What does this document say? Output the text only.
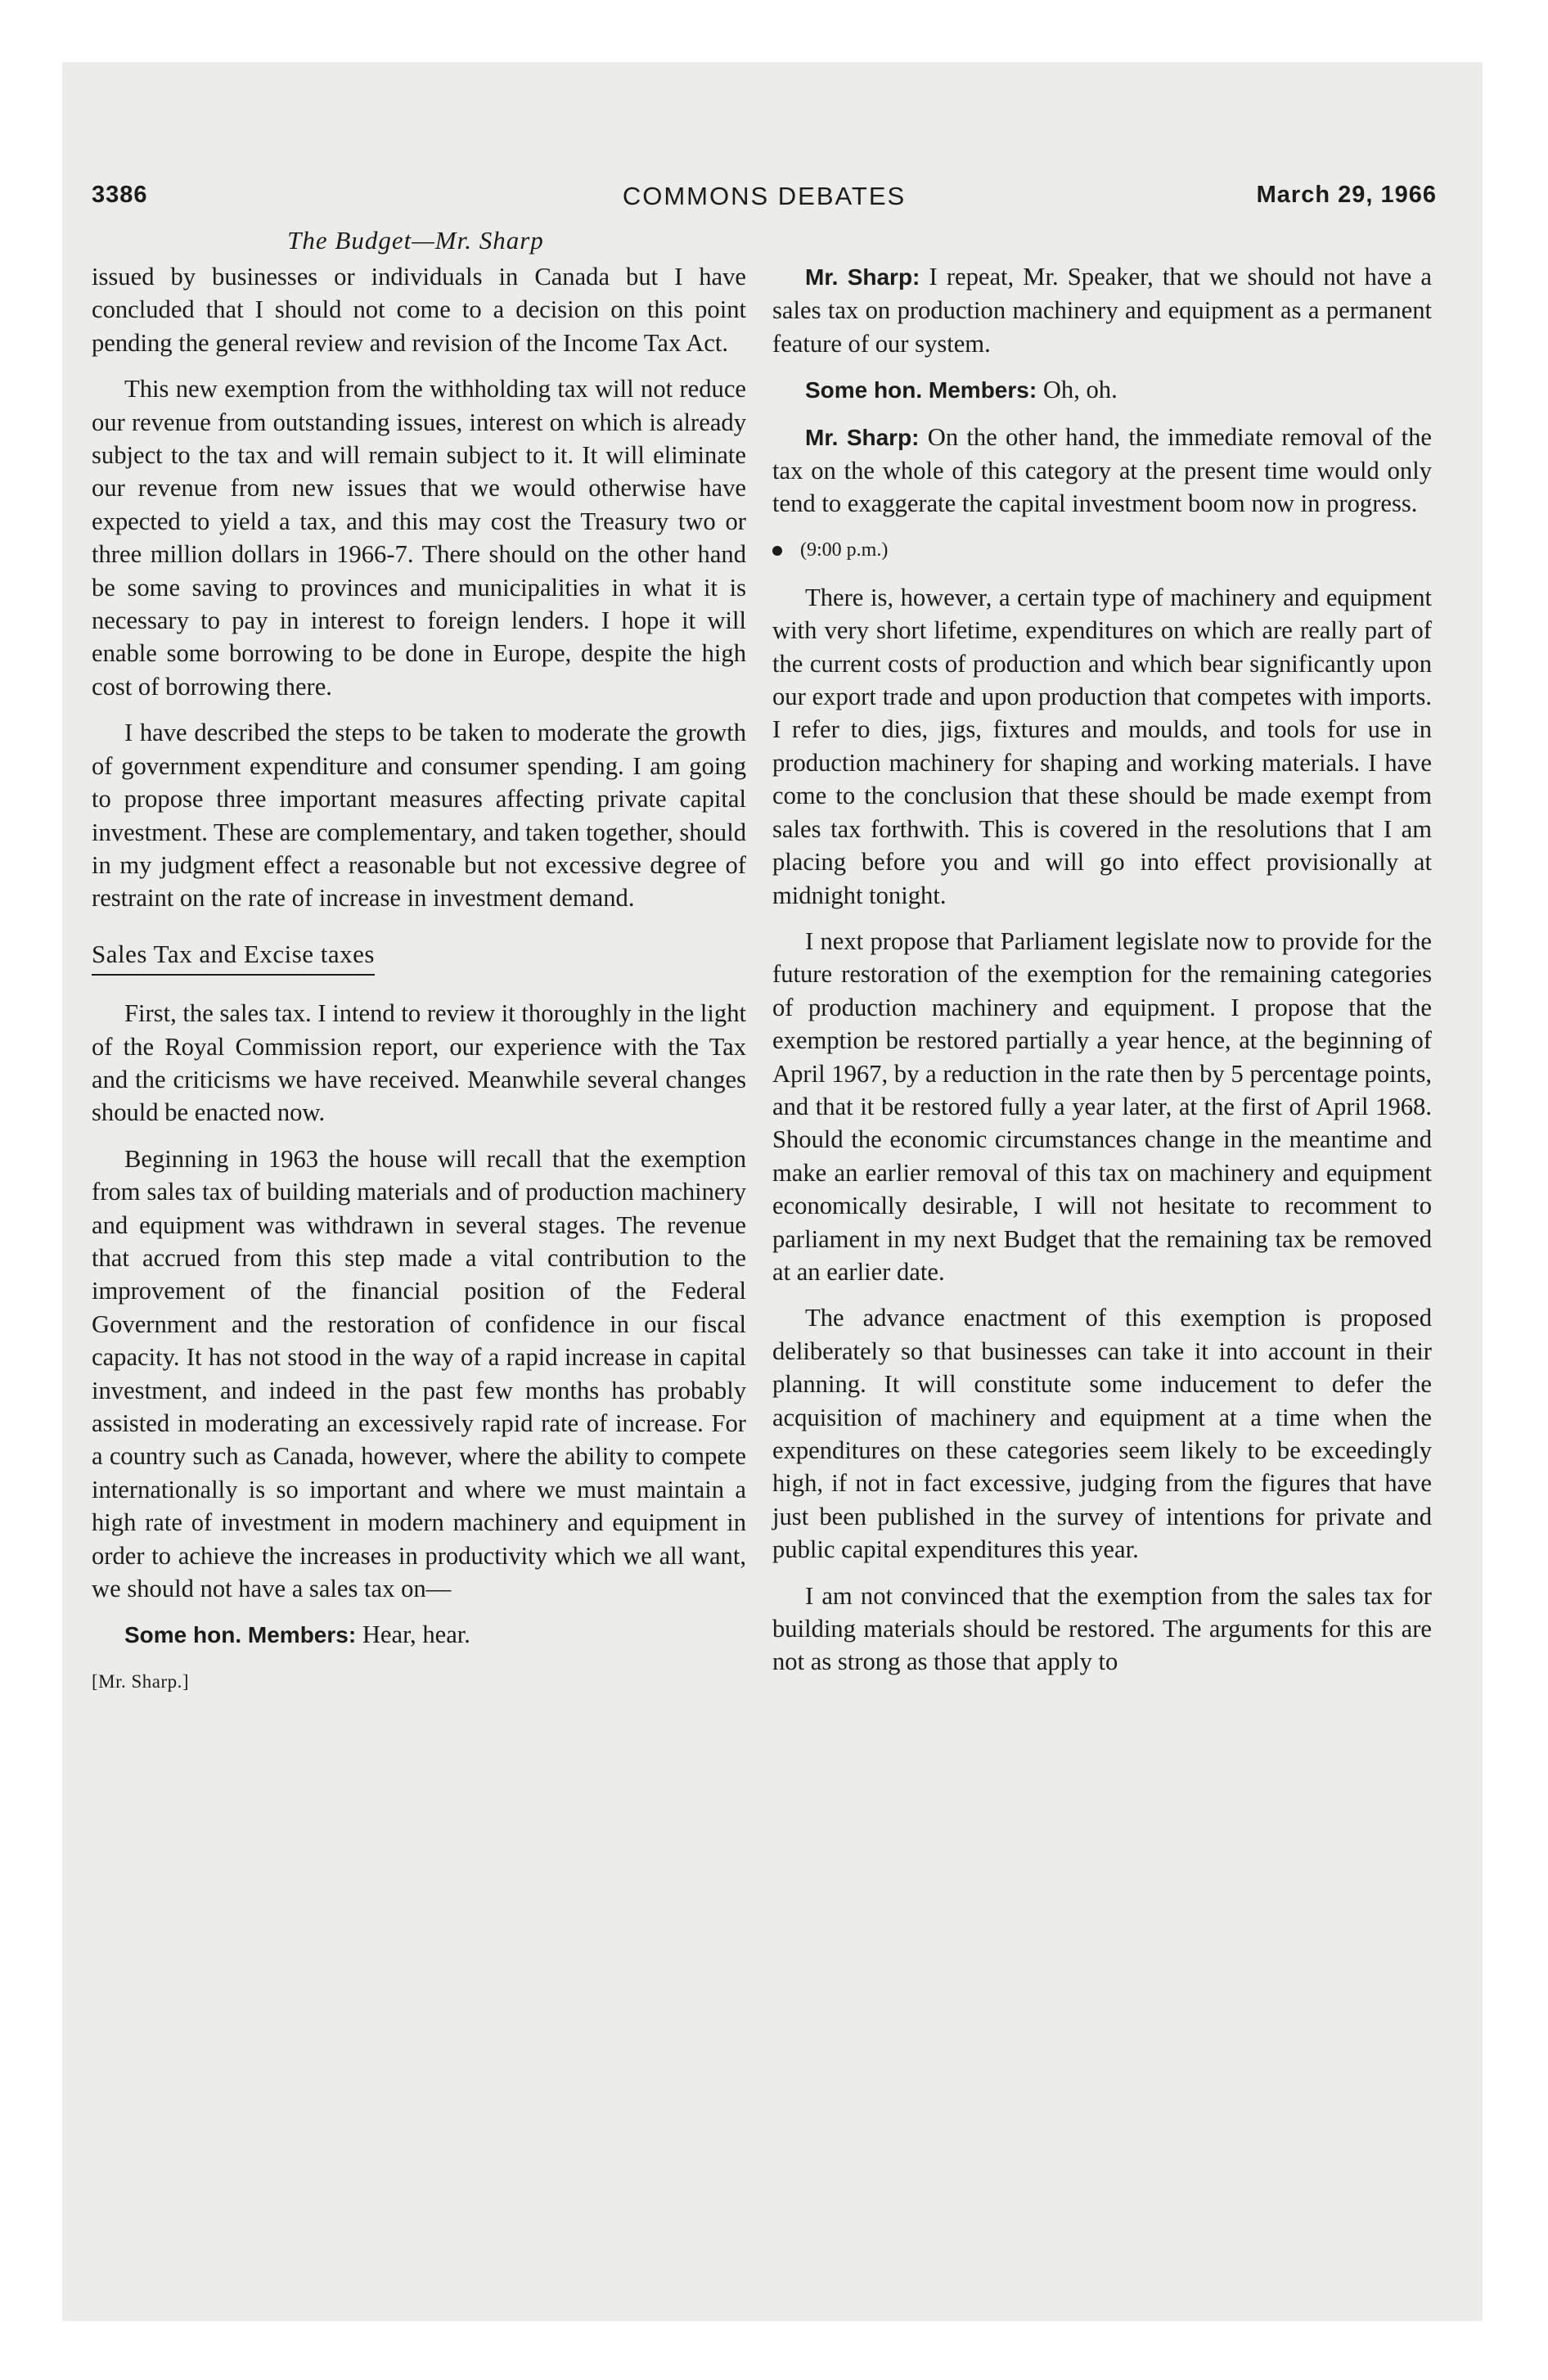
3386	COMMONS DEBATES	March 29, 1966
The Budget—Mr. Sharp

issued by businesses or individuals in Canada but I have concluded that I should not come to a decision on this point pending the general review and revision of the Income Tax Act.

This new exemption from the withholding tax will not reduce our revenue from outstanding issues, interest on which is already subject to the tax and will remain subject to it. It will eliminate our revenue from new issues that we would otherwise have expected to yield a tax, and this may cost the Treasury two or three million dollars in 1966-7. There should on the other hand be some saving to provinces and municipalities in what it is necessary to pay in interest to foreign lenders. I hope it will enable some borrowing to be done in Europe, despite the high cost of borrowing there.

I have described the steps to be taken to moderate the growth of government expenditure and consumer spending. I am going to propose three important measures affecting private capital investment. These are complementary, and taken together, should in my judgment effect a reasonable but not excessive degree of restraint on the rate of increase in investment demand.

Sales Tax and Excise taxes

First, the sales tax. I intend to review it thoroughly in the light of the Royal Commission report, our experience with the Tax and the criticisms we have received. Meanwhile several changes should be enacted now.

Beginning in 1963 the house will recall that the exemption from sales tax of building materials and of production machinery and equipment was withdrawn in several stages. The revenue that accrued from this step made a vital contribution to the improvement of the financial position of the Federal Government and the restoration of confidence in our fiscal capacity. It has not stood in the way of a rapid increase in capital investment, and indeed in the past few months has probably assisted in moderating an excessively rapid rate of increase. For a country such as Canada, however, where the ability to compete internationally is so important and where we must maintain a high rate of investment in modern machinery and equipment in order to achieve the increases in productivity which we all want, we should not have a sales tax on—

Some hon. Members: Hear, hear.

[Mr. Sharp.]

Mr. Sharp: I repeat, Mr. Speaker, that we should not have a sales tax on production machinery and equipment as a permanent feature of our system.

Some hon. Members: Oh, oh.

Mr. Sharp: On the other hand, the immediate removal of the tax on the whole of this category at the present time would only tend to exaggerate the capital investment boom now in progress.

(9:00 p.m.)

There is, however, a certain type of machinery and equipment with very short lifetime, expenditures on which are really part of the current costs of production and which bear significantly upon our export trade and upon production that competes with imports. I refer to dies, jigs, fixtures and moulds, and tools for use in production machinery for shaping and working materials. I have come to the conclusion that these should be made exempt from sales tax forthwith. This is covered in the resolutions that I am placing before you and will go into effect provisionally at midnight tonight.

I next propose that Parliament legislate now to provide for the future restoration of the exemption for the remaining categories of production machinery and equipment. I propose that the exemption be restored partially a year hence, at the beginning of April 1967, by a reduction in the rate then by 5 percentage points, and that it be restored fully a year later, at the first of April 1968. Should the economic circumstances change in the meantime and make an earlier removal of this tax on machinery and equipment economically desirable, I will not hesitate to recomment to parliament in my next Budget that the remaining tax be removed at an earlier date.

The advance enactment of this exemption is proposed deliberately so that businesses can take it into account in their planning. It will constitute some inducement to defer the acquisition of machinery and equipment at a time when the expenditures on these categories seem likely to be exceedingly high, if not in fact excessive, judging from the figures that have just been published in the survey of intentions for private and public capital expenditures this year.

I am not convinced that the exemption from the sales tax for building materials should be restored. The arguments for this are not as strong as those that apply to
